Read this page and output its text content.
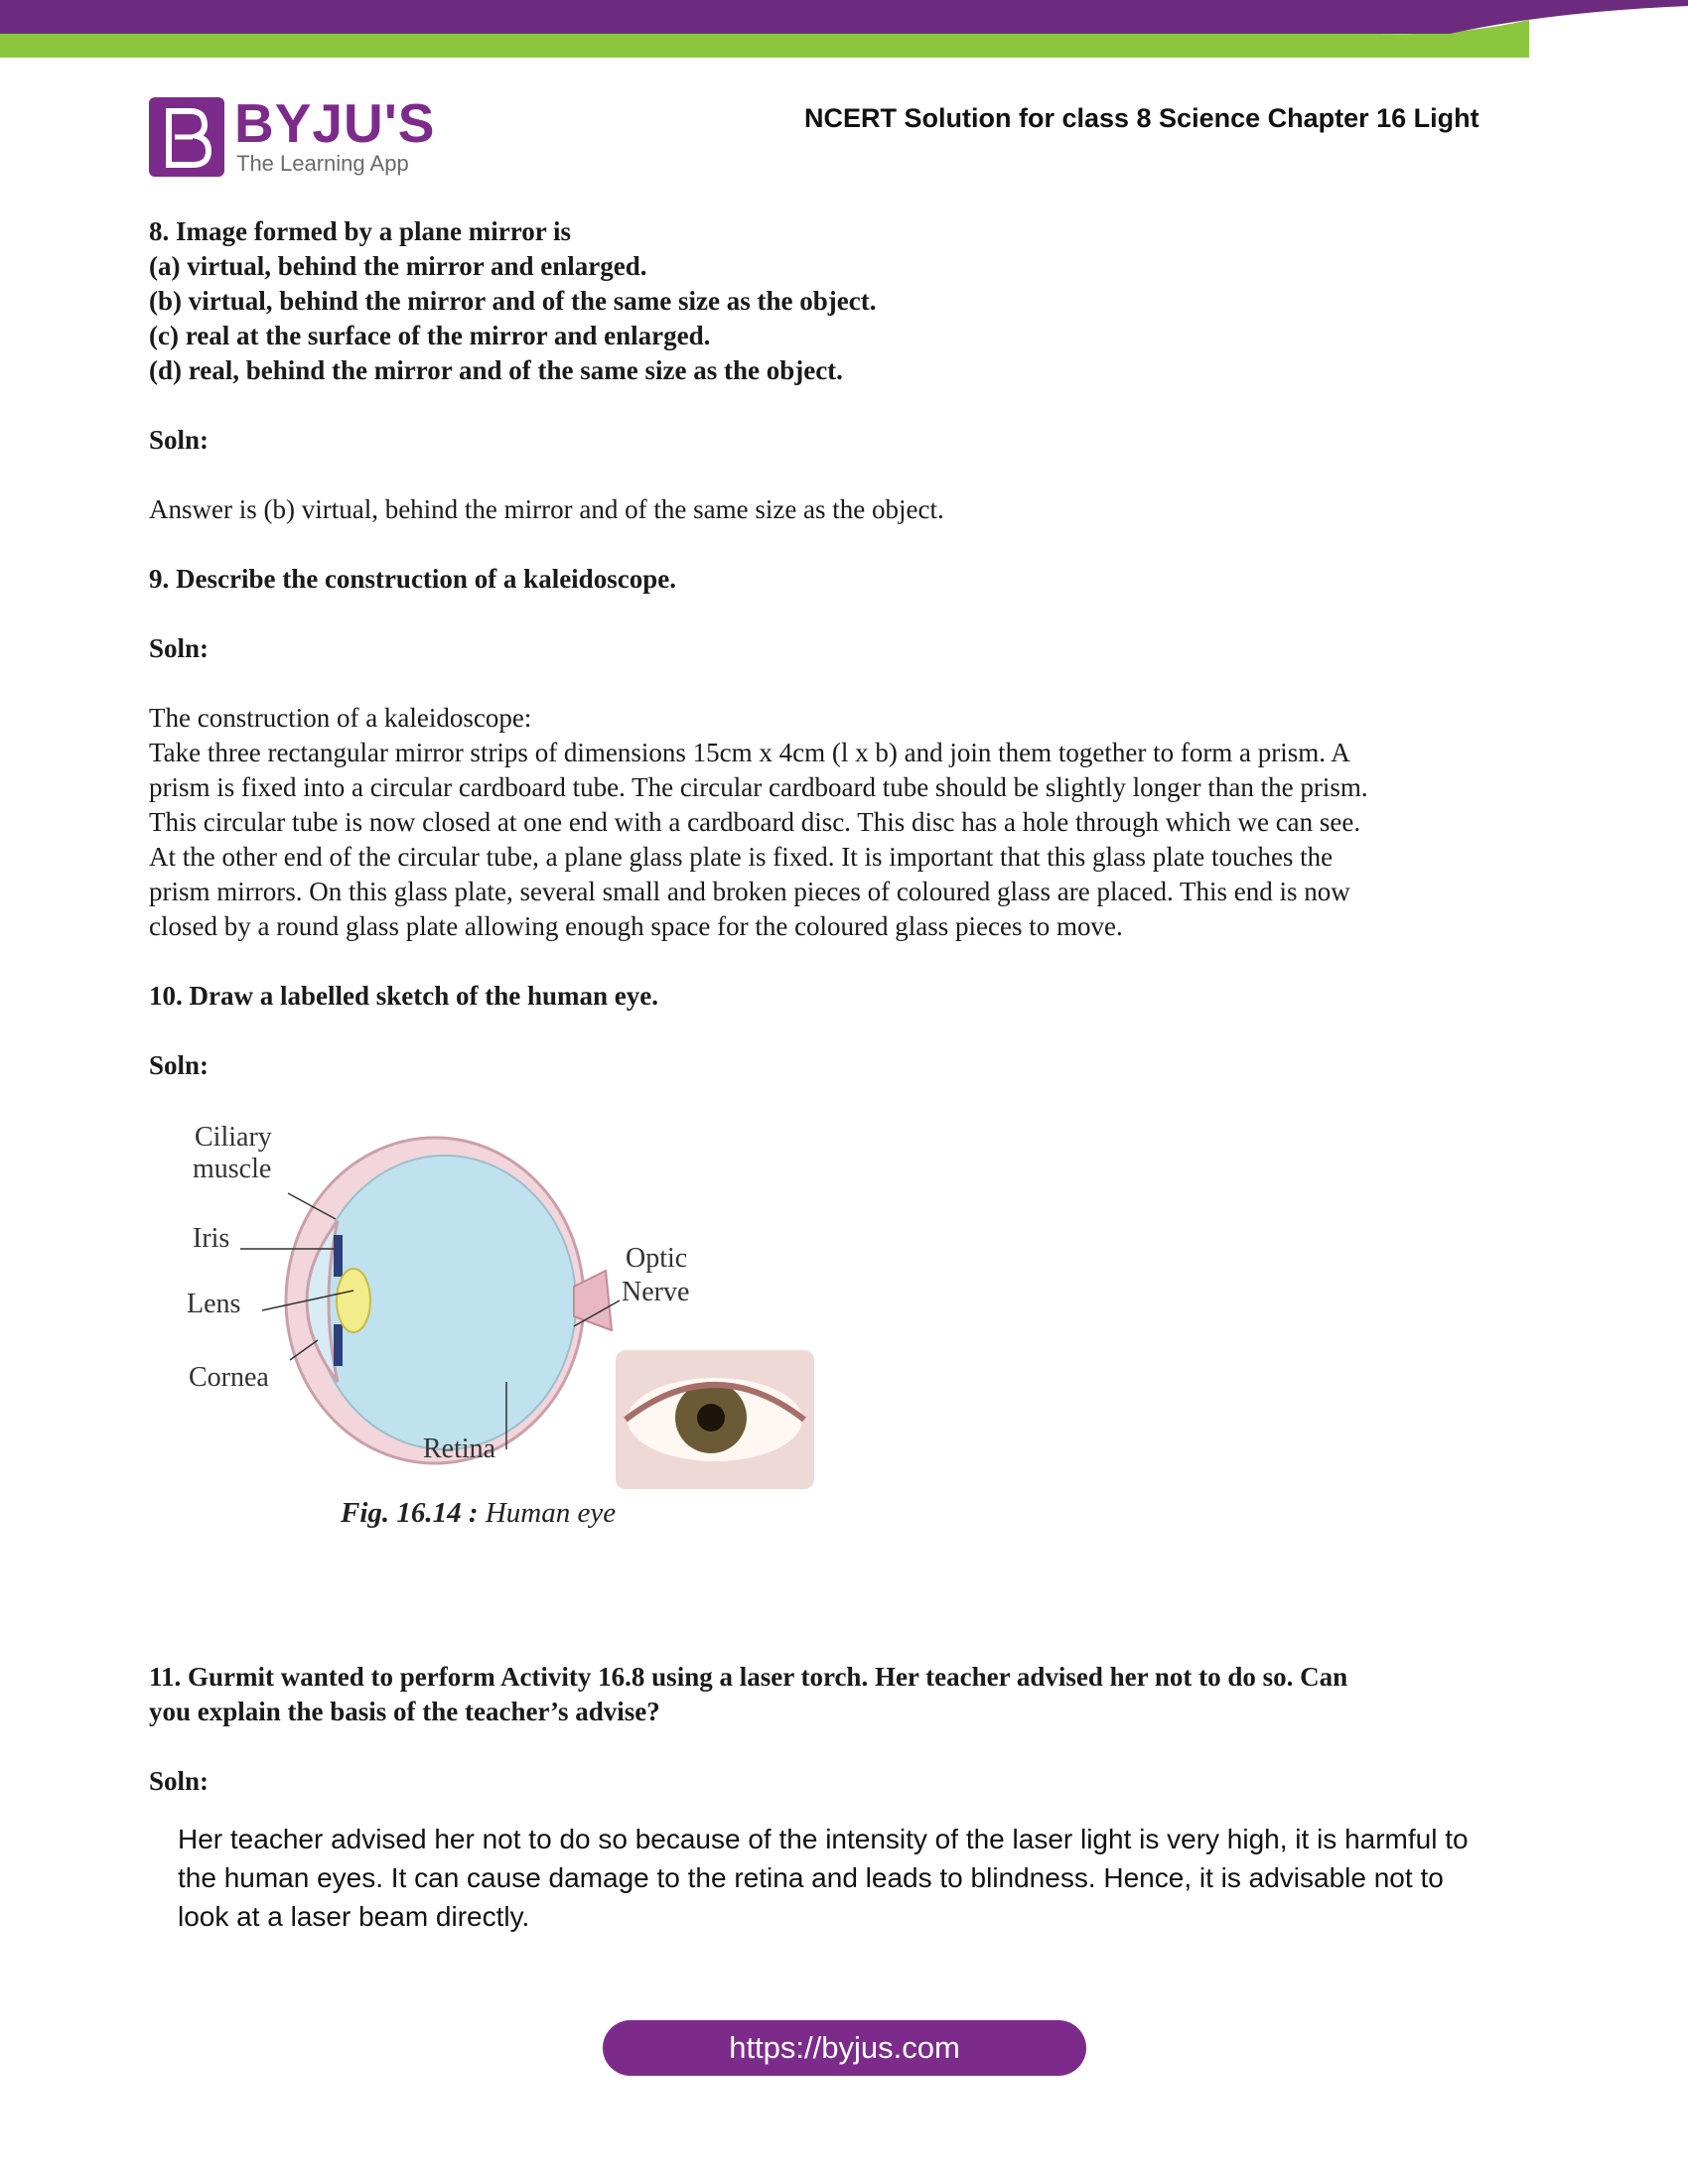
BYJU'S
The Learning App
NCERT Solution for class 8 Science Chapter 16 Light
8. Image formed by a plane mirror is
(a) virtual, behind the mirror and enlarged.
(b) virtual, behind the mirror and of the same size as the object.
(c) real at the surface of the mirror and enlarged.
(d) real, behind the mirror and of the same size as the object.
Soln:
Answer is (b) virtual, behind the mirror and of the same size as the object.
9. Describe the construction of a kaleidoscope.
Soln:
The construction of a kaleidoscope:
Take three rectangular mirror strips of dimensions 15cm x 4cm (l x b) and join them together to form a prism. A
prism is fixed into a circular cardboard tube. The circular cardboard tube should be slightly longer than the prism.
This circular tube is now closed at one end with a cardboard disc. This disc has a hole through which we can see.
At the other end of the circular tube, a plane glass plate is fixed. It is important that this glass plate touches the
prism mirrors. On this glass plate, several small and broken pieces of coloured glass are placed. This end is now
closed by a round glass plate allowing enough space for the coloured glass pieces to move.
10. Draw a labelled sketch of the human eye.
Soln:
Ciliary
muscle
Iris
Lens
Cornea
Optic
Nerve
Retina
Fig. 16.14 : Human eye
11. Gurmit wanted to perform Activity 16.8 using a laser torch. Her teacher advised her not to do so. Can
you explain the basis of the teacher’s advise?
Soln:
Her teacher advised her not to do so because of the intensity of the laser light is very high, it is harmful to
the human eyes. It can cause damage to the retina and leads to blindness. Hence, it is advisable not to
look at a laser beam directly.
https://byjus.com
